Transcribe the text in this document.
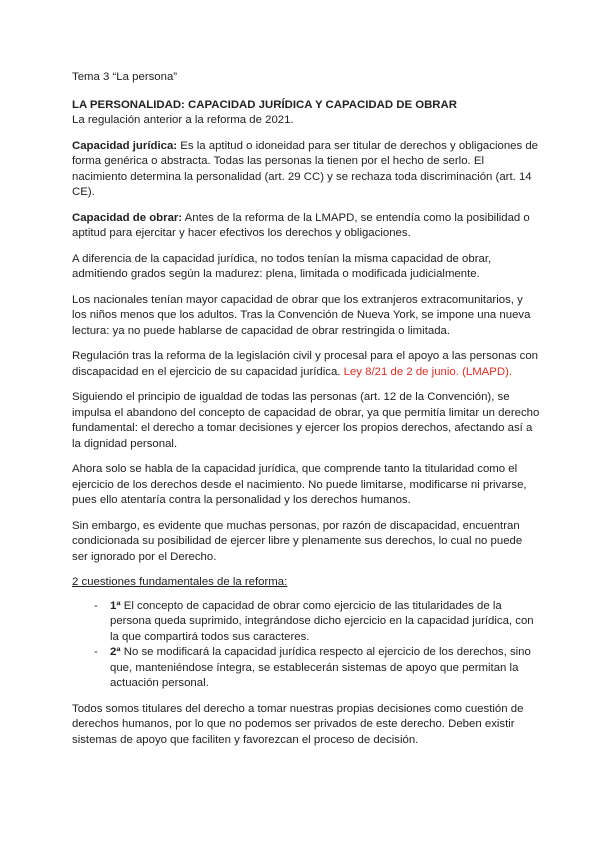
Tema 3 “La persona”
LA PERSONALIDAD: CAPACIDAD JURÍDICA Y CAPACIDAD DE OBRAR
La regulación anterior a la reforma de 2021.

Capacidad jurídica: Es la aptitud o idoneidad para ser titular de derechos y obligaciones de forma genérica o abstracta. Todas las personas la tienen por el hecho de serlo. El nacimiento determina la personalidad (art. 29 CC) y se rechaza toda discriminación (art. 14 CE).

Capacidad de obrar: Antes de la reforma de la LMAPD, se entendía como la posibilidad o aptitud para ejercitar y hacer efectivos los derechos y obligaciones.

A diferencia de la capacidad jurídica, no todos tenían la misma capacidad de obrar, admitiendo grados según la madurez: plena, limitada o modificada judicialmente.

Los nacionales tenían mayor capacidad de obrar que los extranjeros extracomunitarios, y los niños menos que los adultos. Tras la Convención de Nueva York, se impone una nueva lectura: ya no puede hablarse de capacidad de obrar restringida o limitada.

Regulación tras la reforma de la legislación civil y procesal para el apoyo a las personas con discapacidad en el ejercicio de su capacidad jurídica. Ley 8/21 de 2 de junio. (LMAPD).

Siguiendo el principio de igualdad de todas las personas (art. 12 de la Convención), se impulsa el abandono del concepto de capacidad de obrar, ya que permitía limitar un derecho fundamental: el derecho a tomar decisiones y ejercer los propios derechos, afectando así a la dignidad personal.

Ahora solo se habla de la capacidad jurídica, que comprende tanto la titularidad como el ejercicio de los derechos desde el nacimiento. No puede limitarse, modificarse ni privarse, pues ello atentaría contra la personalidad y los derechos humanos.

Sin embargo, es evidente que muchas personas, por razón de discapacidad, encuentran condicionada su posibilidad de ejercer libre y plenamente sus derechos, lo cual no puede ser ignorado por el Derecho.

2 cuestiones fundamentales de la reforma:
- 1ª El concepto de capacidad de obrar como ejercicio de las titularidades de la persona queda suprimido, integrándose dicho ejercicio en la capacidad jurídica, con la que compartirá todos sus caracteres.
- 2ª No se modificará la capacidad jurídica respecto al ejercicio de los derechos, sino que, manteniéndose íntegra, se establecerán sistemas de apoyo que permitan la actuación personal.

Todos somos titulares del derecho a tomar nuestras propias decisiones como cuestión de derechos humanos, por lo que no podemos ser privados de este derecho. Deben existir sistemas de apoyo que faciliten y favorezcan el proceso de decisión.
